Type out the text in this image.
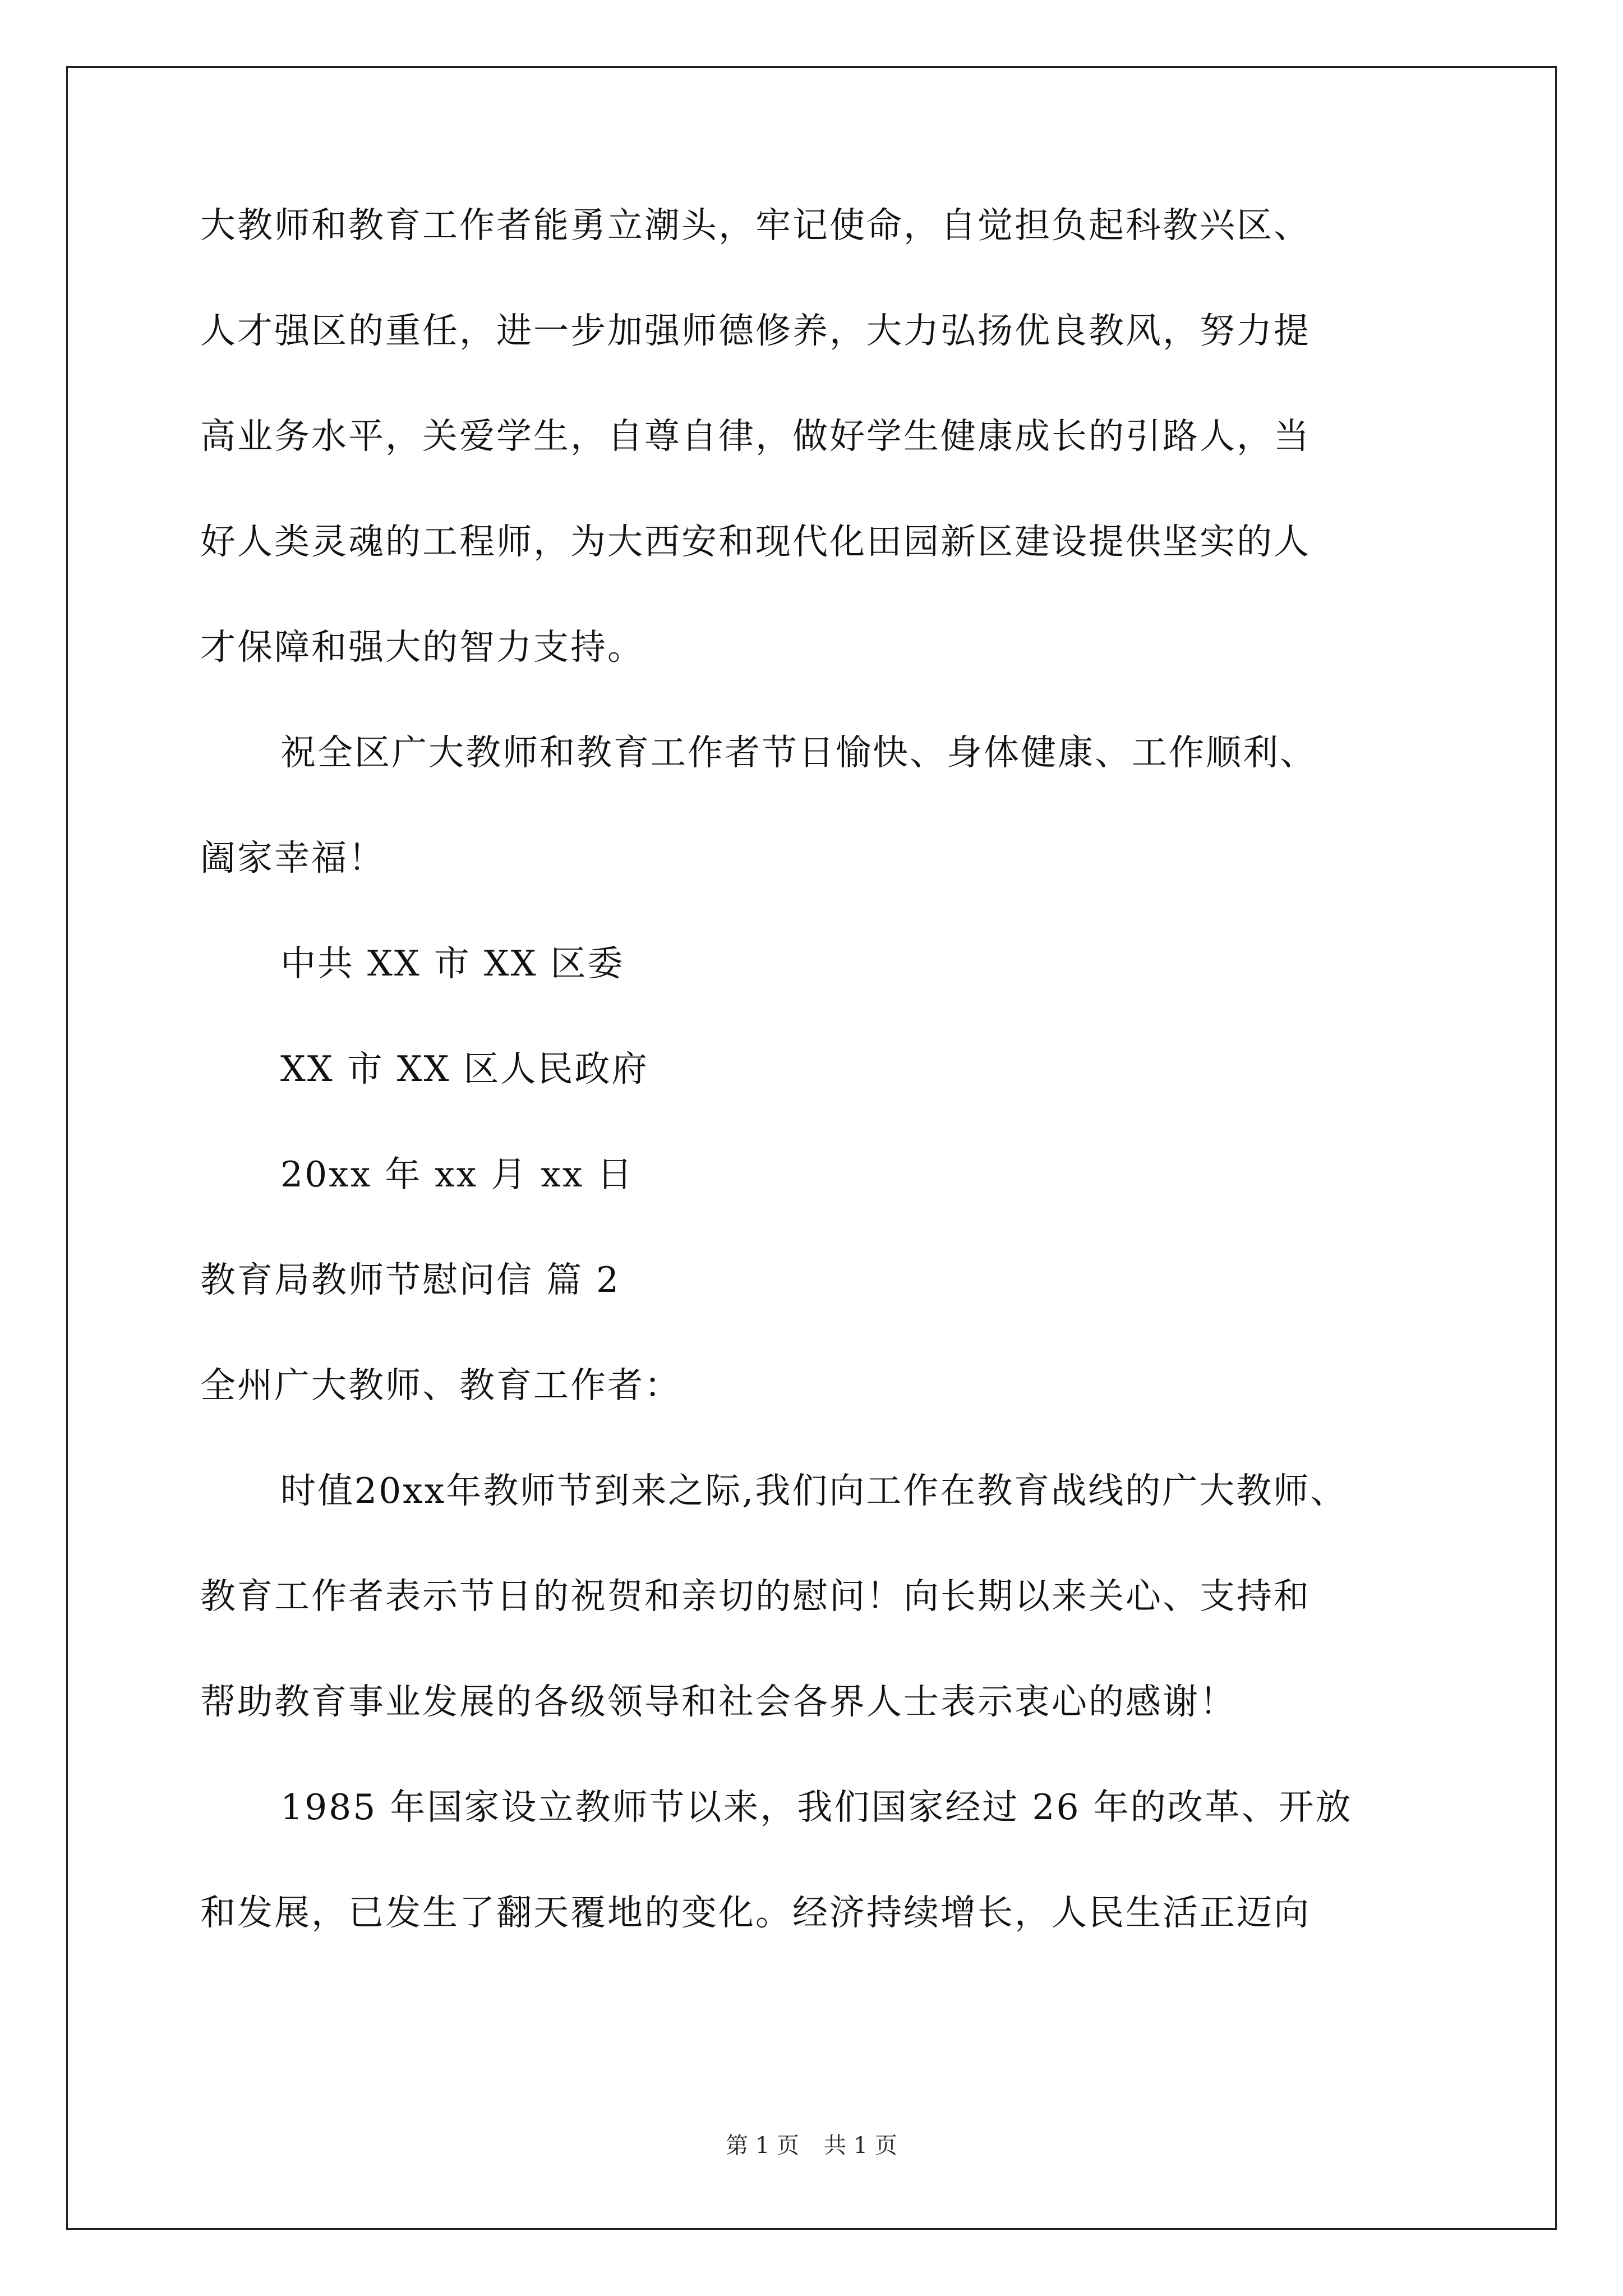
大教师和教育工作者能勇立潮头，牢记使命，自觉担负起科教兴区、
人才强区的重任，进一步加强师德修养，大力弘扬优良教风，努力提
高业务水平，关爱学生，自尊自律，做好学生健康成长的引路人，当
好人类灵魂的工程师，为大西安和现代化田园新区建设提供坚实的人
才保障和强大的智力支持。
祝全区广大教师和教育工作者节日愉快、身体健康、工作顺利、
阖家幸福！
中共 XX 市 XX 区委
XX 市 XX 区人民政府
20xx 年 xx 月 xx 日
教育局教师节慰问信 篇 2
全州广大教师、教育工作者：
时值20xx年教师节到来之际,我们向工作在教育战线的广大教师、
教育工作者表示节日的祝贺和亲切的慰问！向长期以来关心、支持和
帮助教育事业发展的各级领导和社会各界人士表示衷心的感谢！
1985 年国家设立教师节以来，我们国家经过 26 年的改革、开放
和发展，已发生了翻天覆地的变化。经济持续增长，人民生活正迈向
第 1 页 共 1 页
